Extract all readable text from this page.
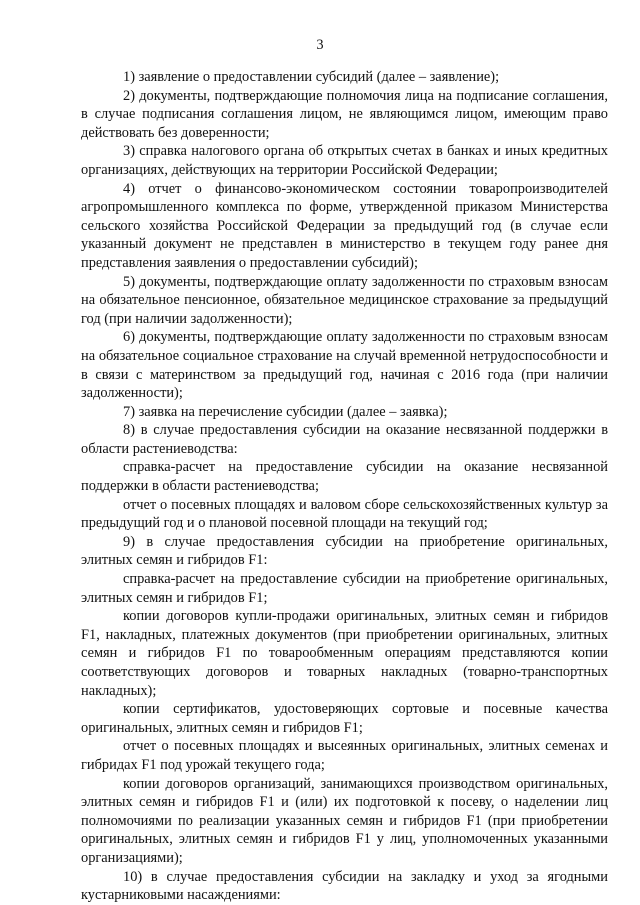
3

1) заявление о предоставлении субсидий (далее – заявление);

2) документы, подтверждающие полномочия лица на подписание соглашения, в случае подписания соглашения лицом, не являющимся лицом, имеющим право действовать без доверенности;

3) справка налогового органа об открытых счетах в банках и иных кредитных организациях, действующих на территории Российской Федерации;

4) отчет о финансово-экономическом состоянии товаропроизводителей агропромышленного комплекса по форме, утвержденной приказом Министерства сельского хозяйства Российской Федерации за предыдущий год (в случае если указанный документ не представлен в министерство в текущем году ранее дня представления заявления о предоставлении субсидий);

5) документы, подтверждающие оплату задолженности по страховым взносам на обязательное пенсионное, обязательное медицинское страхование за предыдущий год (при наличии задолженности);

6) документы, подтверждающие оплату задолженности по страховым взносам на обязательное социальное страхование на случай временной нетрудоспособности и в связи с материнством за предыдущий год, начиная с 2016 года (при наличии задолженности);

7) заявка на перечисление субсидии (далее – заявка);

8) в случае предоставления субсидии на оказание несвязанной поддержки в области растениеводства:

справка-расчет на предоставление субсидии на оказание несвязанной поддержки в области растениеводства;

отчет о посевных площадях и валовом сборе сельскохозяйственных культур за предыдущий год и о плановой посевной площади на текущий год;

9) в случае предоставления субсидии на приобретение оригинальных, элитных семян и гибридов F1:

справка-расчет на предоставление субсидии на приобретение оригинальных, элитных семян и гибридов F1;

копии договоров купли-продажи оригинальных, элитных семян и гибридов F1, накладных, платежных документов (при приобретении оригинальных, элитных семян и гибридов F1 по товарообменным операциям представляются копии соответствующих договоров и товарных накладных (товарно-транспортных накладных);

копии сертификатов, удостоверяющих сортовые и посевные качества оригинальных, элитных семян и гибридов F1;

отчет о посевных площадях и высеянных оригинальных, элитных семенах и гибридах F1 под урожай текущего года;

копии договоров организаций, занимающихся производством оригинальных, элитных семян и гибридов F1 и (или) их подготовкой к посеву, о наделении лиц полномочиями по реализации указанных семян и гибридов F1 (при приобретении оригинальных, элитных семян и гибридов F1 у лиц, уполномоченных указанными организациями);

10) в случае предоставления субсидии на закладку и уход за ягодными кустарниковыми насаждениями:
